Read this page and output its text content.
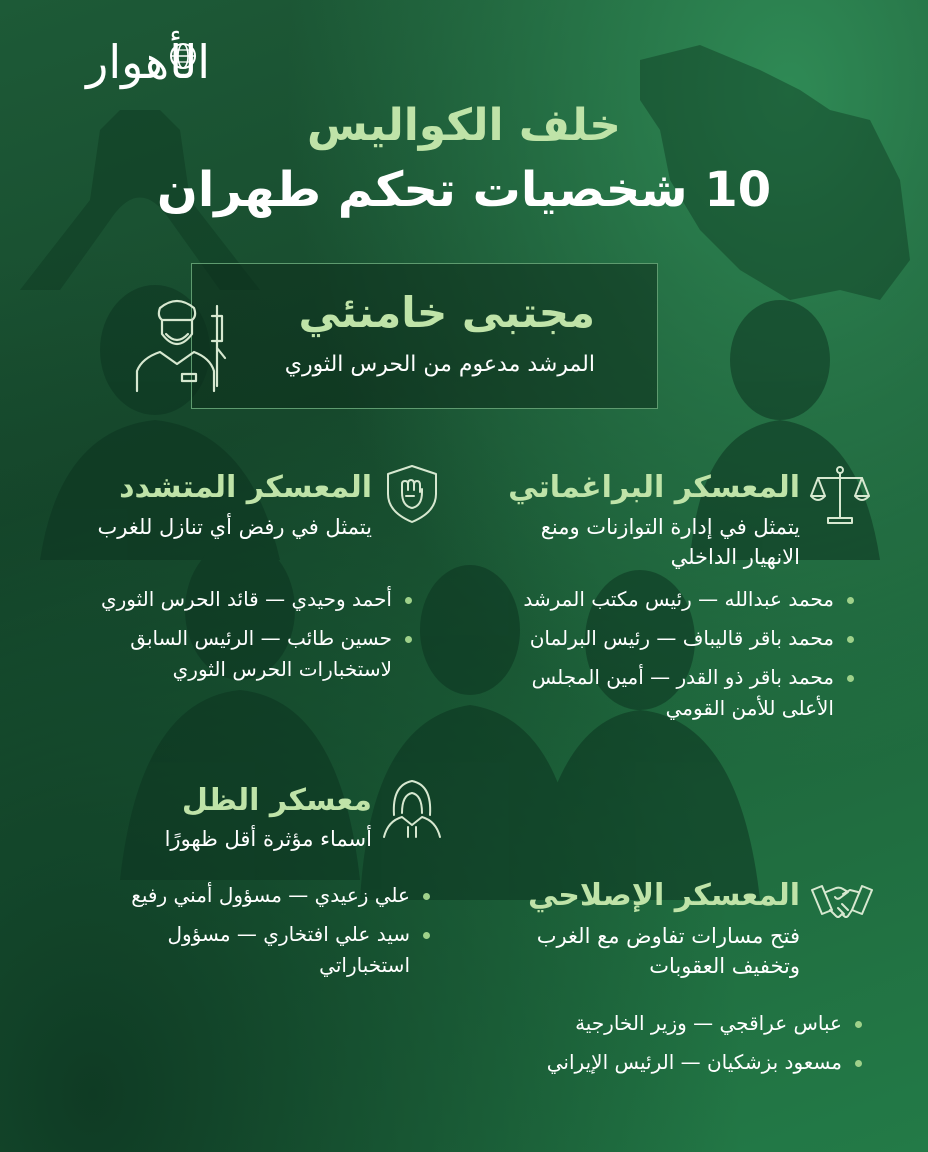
الأهوار
خلف الكواليس
10 شخصيات تحكم طهران
مجتبى خامنئي
المرشد مدعوم من الحرس الثوري
المعسكر البراغماتي
يتمثل في إدارة التوازنات ومنع الانهيار الداخلي
محمد عبدالله — رئيس مكتب المرشد
محمد باقر قاليباف — رئيس البرلمان
محمد باقر ذو القدر — أمين المجلس الأعلى للأمن القومي
المعسكر المتشدد
يتمثل في رفض أي تنازل للغرب
أحمد وحيدي — قائد الحرس الثوري
حسين طائب — الرئيس السابق لاستخبارات الحرس الثوري
معسكر الظل
أسماء مؤثرة أقل ظهورًا
علي زعيدي — مسؤول أمني رفيع
سيد علي افتخاري — مسؤول استخباراتي
المعسكر الإصلاحي
فتح مسارات تفاوض مع الغرب وتخفيف العقوبات
عباس عراقجي — وزير الخارجية
مسعود بزشكيان — الرئيس الإيراني
